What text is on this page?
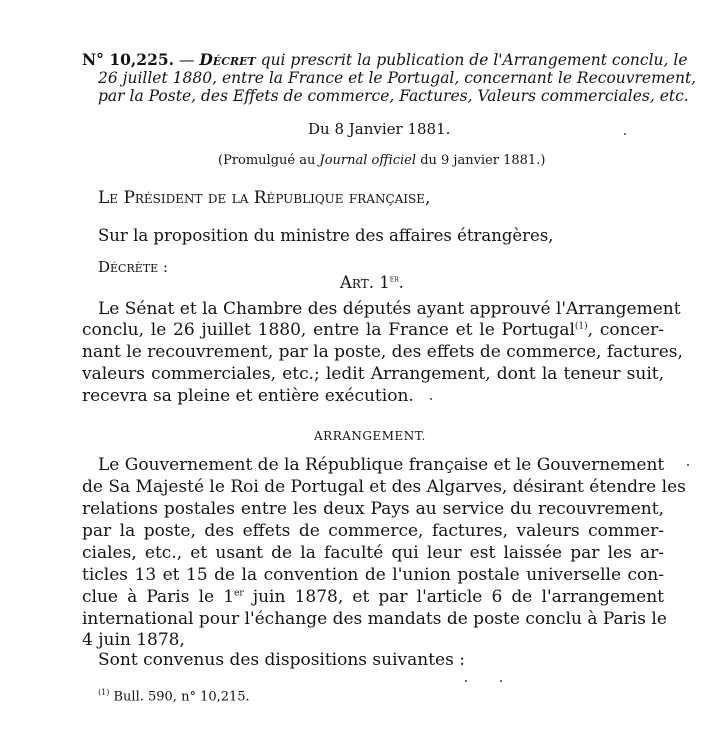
N° 10,225. — Décret qui prescrit la publication de l'Arrangement conclu, le
26 juillet 1880, entre la France et le Portugal, concernant le Recouvrement,
par la Poste, des Effets de commerce, Factures, Valeurs commerciales, etc.
Du 8 Janvier 1881.
(Promulgué au Journal officiel du 9 janvier 1881.)
Le Président de la République française,
Sur la proposition du ministre des affaires étrangères,
Décrète :
Art. 1er.
Le Sénat et la Chambre des députés ayant approuvé l'Arrangement
conclu, le 26 juillet 1880, entre la France et le Portugal$^{(1)}$, concer-
nant le recouvrement, par la poste, des effets de commerce, factures,
valeurs commerciales, etc.; ledit Arrangement, dont la teneur suit,
recevra sa pleine et entière exécution.
ARRANGEMENT.
Le Gouvernement de la République française et le Gouvernement
de Sa Majesté le Roi de Portugal et des Algarves, désirant étendre les
relations postales entre les deux Pays au service du recouvrement,
par la poste, des effets de commerce, factures, valeurs commer-
ciales, etc., et usant de la faculté qui leur est laissée par les ar-
ticles 13 et 15 de la convention de l'union postale universelle con-
clue à Paris le 1er juin 1878, et par l'article 6 de l'arrangement
international pour l'échange des mandats de poste conclu à Paris le
4 juin 1878,
Sont convenus des dispositions suivantes :
$^{(1)}$ Bull. 590, n° 10,215.
